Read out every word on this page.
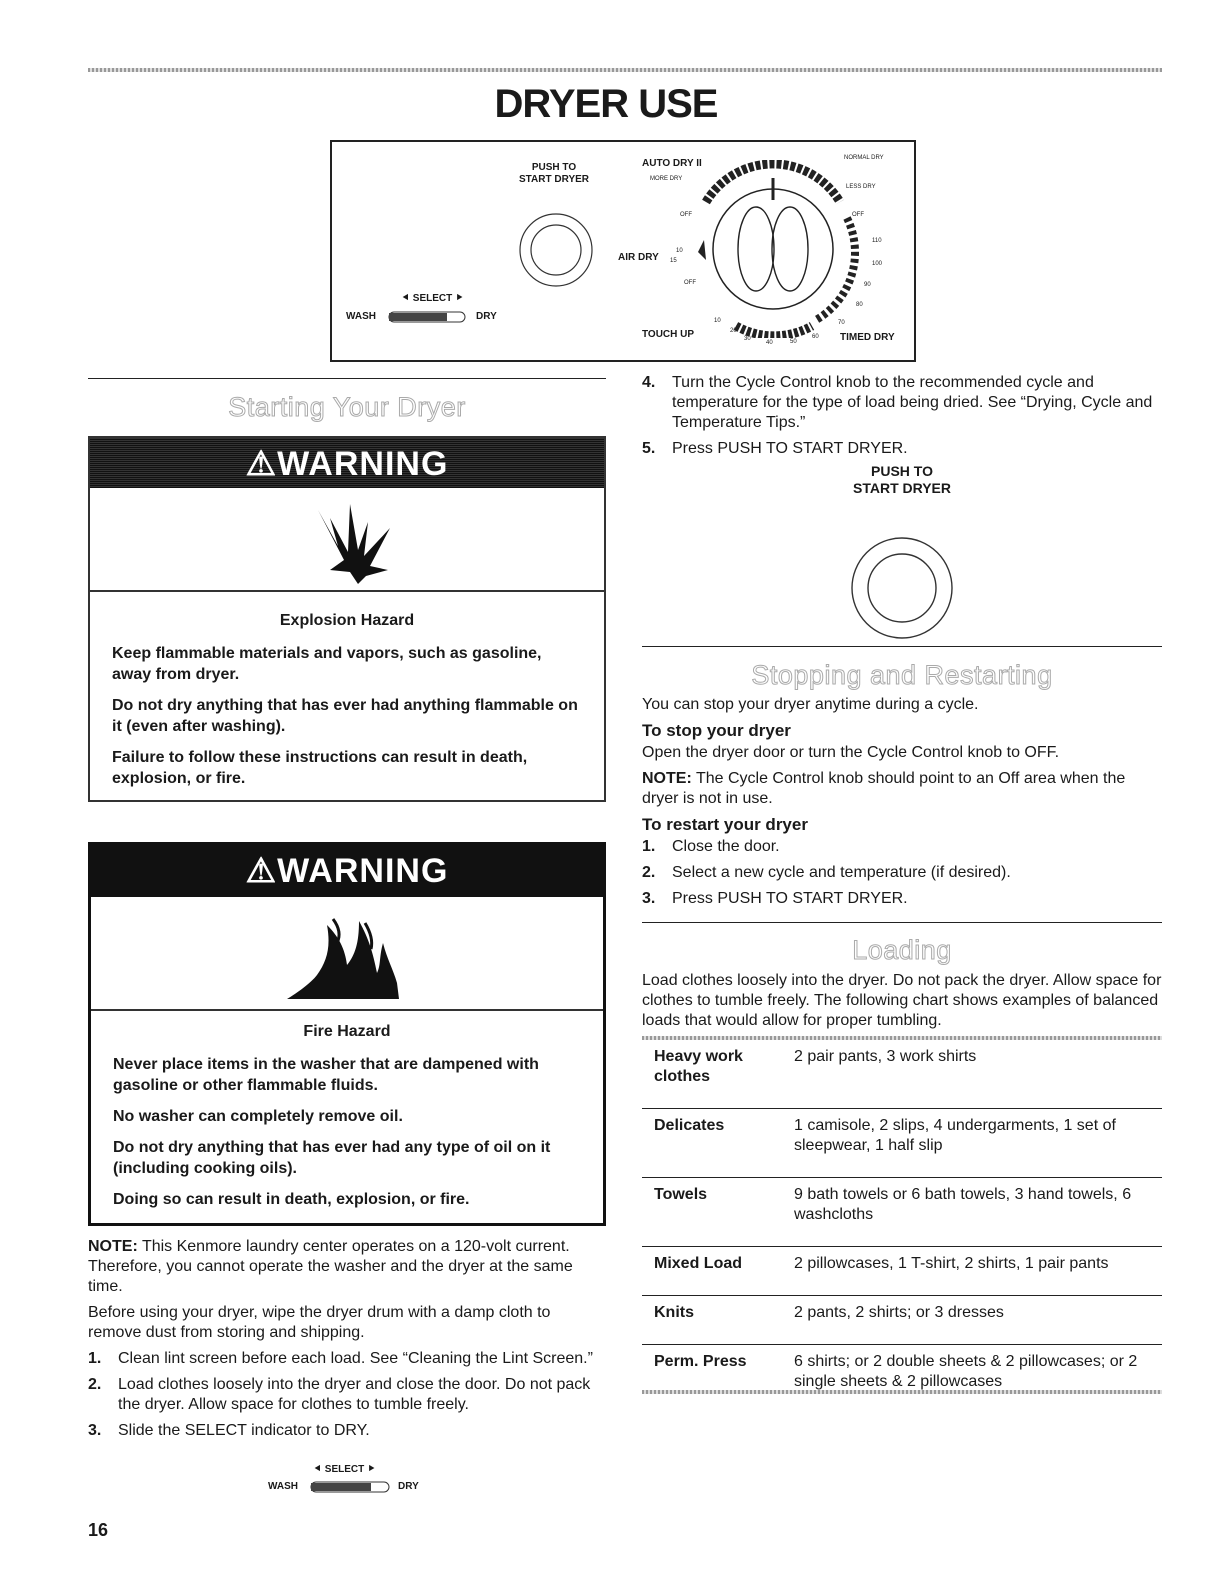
DRYER USE
PUSH TO
START DRYER
⯇ SELECT ⯈
WASH	DRY
AUTO DRY II	NORMAL DRY
MORE DRY
LESS DRY
AIR DRY
TOUCH UP	TIMED DRY
OFF	OFF
OFF
10
15
110
100
90
80
70
10
20
30
40	50
60
Starting Your Dryer
⚠WARNING

Explosion Hazard

Keep flammable materials and vapors, such as gasoline, away from dryer.

Do not dry anything that has ever had anything flammable on it (even after washing).

Failure to follow these instructions can result in death, explosion, or fire.

⚠WARNING

Fire Hazard

Never place items in the washer that are dampened with gasoline or other flammable fluids.

No washer can completely remove oil.

Do not dry anything that has ever had any type of oil on it (including cooking oils).

Doing so can result in death, explosion, or fire.

NOTE: This Kenmore laundry center operates on a 120-volt current. Therefore, you cannot operate the washer and the dryer at the same time.

Before using your dryer, wipe the dryer drum with a damp cloth to remove dust from storing and shipping.

1. Clean lint screen before each load. See “Cleaning the Lint Screen.”
2. Load clothes loosely into the dryer and close the door. Do not pack the dryer. Allow space for clothes to tumble freely.
3. Slide the SELECT indicator to DRY.
⯇ SELECT ⯈
WASH	DRY
16
4. Turn the Cycle Control knob to the recommended cycle and temperature for the type of load being dried. See “Drying, Cycle and Temperature Tips.”
5. Press PUSH TO START DRYER.
PUSH TO
START DRYER
Stopping and Restarting

You can stop your dryer anytime during a cycle.

To stop your dryer

Open the dryer door or turn the Cycle Control knob to OFF.

NOTE: The Cycle Control knob should point to an Off area when the dryer is not in use.

To restart your dryer

1. Close the door.
2. Select a new cycle and temperature (if desired).
3. Press PUSH TO START DRYER.
Loading
Load clothes loosely into the dryer. Do not pack the dryer. Allow space for clothes to tumble freely. The following chart shows examples of balanced loads that would allow for proper tumbling.
Heavy work clothes	2 pair pants, 3 work shirts
Delicates	1 camisole, 2 slips, 4 undergarments, 1 set of sleepwear, 1 half slip
Towels	9 bath towels or 6 bath towels, 3 hand towels, 6 washcloths
Mixed Load	2 pillowcases, 1 T-shirt, 2 shirts, 1 pair pants
Knits	2 pants, 2 shirts; or 3 dresses
Perm. Press	6 shirts; or 2 double sheets & 2 pillowcases; or 2 single sheets & 2 pillowcases
